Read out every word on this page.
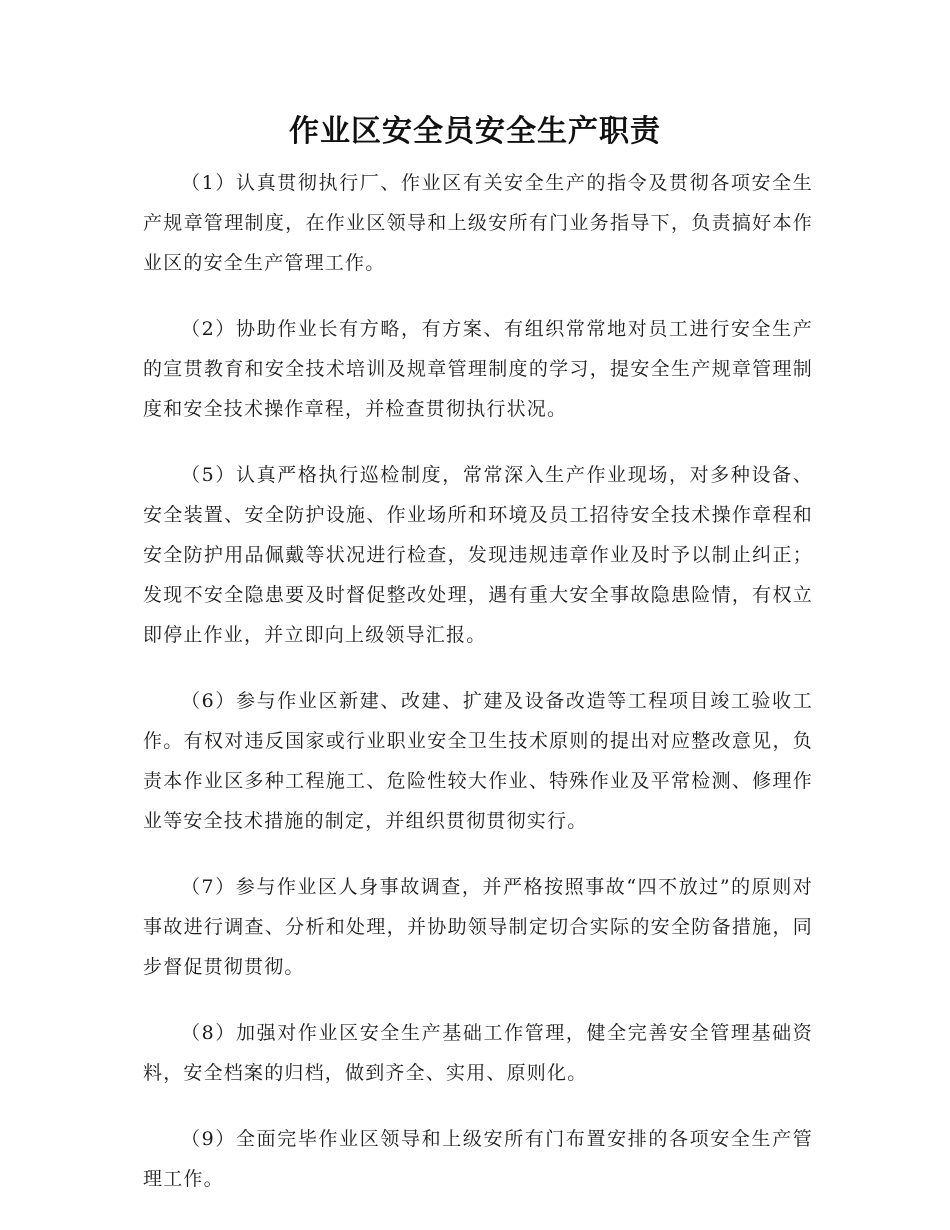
作业区安全员安全生产职责

（1）认真贯彻执行厂、作业区有关安全生产的指令及贯彻各项安全生产规章管理制度，在作业区领导和上级安所有门业务指导下，负责搞好本作业区的安全生产管理工作。

（2）协助作业长有方略，有方案、有组织常常地对员工进行安全生产的宣贯教育和安全技术培训及规章管理制度的学习，提安全生产规章管理制度和安全技术操作章程，并检查贯彻执行状况。

（5）认真严格执行巡检制度，常常深入生产作业现场，对多种设备、安全装置、安全防护设施、作业场所和环境及员工招待安全技术操作章程和安全防护用品佩戴等状况进行检查，发现违规违章作业及时予以制止纠正；发现不安全隐患要及时督促整改处理，遇有重大安全事故隐患险情，有权立即停止作业，并立即向上级领导汇报。

（6）参与作业区新建、改建、扩建及设备改造等工程项目竣工验收工作。有权对违反国家或行业职业安全卫生技术原则的提出对应整改意见，负责本作业区多种工程施工、危险性较大作业、特殊作业及平常检测、修理作业等安全技术措施的制定，并组织贯彻贯彻实行。

（7）参与作业区人身事故调查，并严格按照事故“四不放过”的原则对事故进行调查、分析和处理，并协助领导制定切合实际的安全防备措施，同步督促贯彻贯彻。

（8）加强对作业区安全生产基础工作管理，健全完善安全管理基础资料，安全档案的归档，做到齐全、实用、原则化。

（9）全面完毕作业区领导和上级安所有门布置安排的各项安全生产管理工作。
